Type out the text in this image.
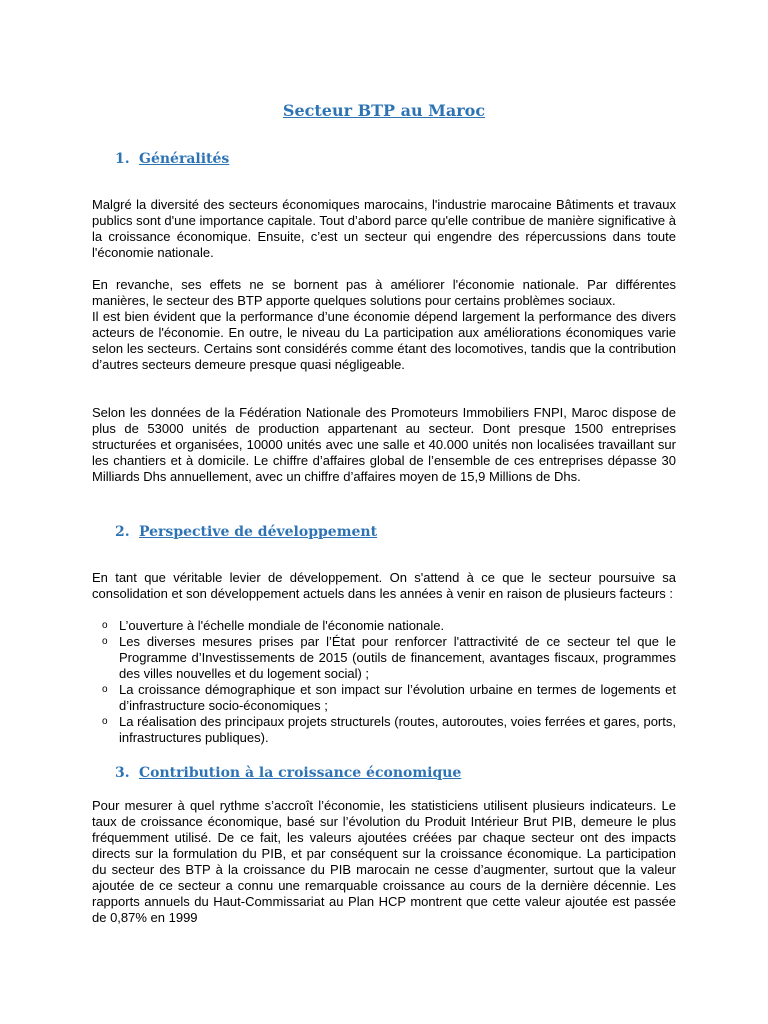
Secteur BTP au Maroc
1. Généralités

Malgré la diversité des secteurs économiques marocains, l'industrie marocaine Bâtiments et travaux publics sont d'une importance capitale. Tout d’abord parce qu'elle contribue de manière significative à la croissance économique. Ensuite, c’est un secteur qui engendre des répercussions dans toute l'économie nationale.

En revanche, ses effets ne se bornent pas à améliorer l'économie nationale. Par différentes manières, le secteur des BTP apporte quelques solutions pour certains problèmes sociaux.

Il est bien évident que la performance d’une économie dépend largement la performance des divers acteurs de l'économie. En outre, le niveau du La participation aux améliorations économiques varie selon les secteurs. Certains sont considérés comme étant des locomotives, tandis que la contribution d’autres secteurs demeure presque quasi négligeable.

Selon les données de la Fédération Nationale des Promoteurs Immobiliers FNPI, Maroc dispose de plus de 53000 unités de production appartenant au secteur. Dont presque 1500 entreprises structurées et organisées, 10000 unités avec une salle et 40.000 unités non localisées travaillant sur les chantiers et à domicile. Le chiffre d’affaires global de l’ensemble de ces entreprises dépasse 30 Milliards Dhs annuellement, avec un chiffre d’affaires moyen de 15,9 Millions de Dhs.

2. Perspective de développement

En tant que véritable levier de développement. On s'attend à ce que le secteur poursuive sa consolidation et son développement actuels dans les années à venir en raison de plusieurs facteurs :

o L’ouverture à l'échelle mondiale de l'économie nationale.
o Les diverses mesures prises par l’État pour renforcer l'attractivité de ce secteur tel que le Programme d’Investissements de 2015 (outils de financement, avantages fiscaux, programmes des villes nouvelles et du logement social) ;
o La croissance démographique et son impact sur l’évolution urbaine en termes de logements et d’infrastructure socio-économiques ;
o La réalisation des principaux projets structurels (routes, autoroutes, voies ferrées et gares, ports, infrastructures publiques).
3. Contribution à la croissance économique

Pour mesurer à quel rythme s’accroît l’économie, les statisticiens utilisent plusieurs indicateurs. Le taux de croissance économique, basé sur l’évolution du Produit Intérieur Brut PIB, demeure le plus fréquemment utilisé. De ce fait, les valeurs ajoutées créées par chaque secteur ont des impacts directs sur la formulation du PIB, et par conséquent sur la croissance économique. La participation du secteur des BTP à la croissance du PIB marocain ne cesse d’augmenter, surtout que la valeur ajoutée de ce secteur a connu une remarquable croissance au cours de la dernière décennie. Les rapports annuels du Haut-Commissariat au Plan HCP montrent que cette valeur ajoutée est passée de 0,87% en 1999
